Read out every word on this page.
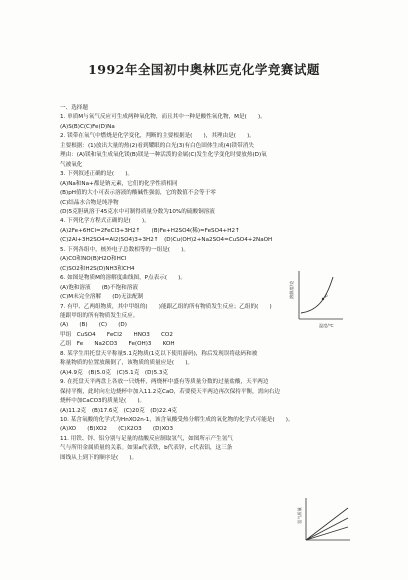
1992年全国初中奥林匹克化学竞赛试题
一、选择题
1. 单质M与氧气反应可生成两种氧化物，而且其中一种是酸性氧化物，M是(　　)。
(A)S(B)C(C)Fe(D)Na
2. 镁带在氧气中燃烧是化学变化，判断的主要根据是(　　)，其理由是(　　)。
主要根据：(1)放出大量的热(2)看到耀眼的白光(3)有白色固体生成(4)镁带消失
理由：(A)镁和氧生成氧化镁(B)镁是一种活泼的金属(C)发生化学变化时要放热(D)氧
气被氧化
3. 下列叙述正确的是(　　)。
(A)Na和Na+都是钠元素，它们的化学性质相同
(B)pH值的大小可表示溶液的酸碱性强弱，它的数值不会等于零
(C)结晶水合物是纯净物
(D)5克胆矾溶于45克水中可制得质量分数为10%的硫酸铜溶液
4. 下列化学方程式正确的是(　　)。
(A)2Fe+6HCl=2FeCl3+3H2↑　　(B)Fe+H2SO4(稀)=FeSO4+H2↑
(C)2Al+3H2SO4=Al2(SO4)3+3H2↑　(D)Cu(OH)2+Na2SO4=CuSO4+2NaOH
5. 下列各组中，核外电子总数相等的一组是(　　)。
(A)CO和NO(B)H2O和HCl
(C)SO2和H2S(D)NH3和CH4
6. 如图是物质M的溶解度曲线图，P点表示(　　)。
(A)饱和溶液　　(B)不饱和溶液
(C)M未完全溶解　　(D)无法配制
7. 有甲、乙两组物质，其中甲组的(　　)能跟乙组的所有物质发生反应；乙组的(　　)
能跟甲组的所有物质发生反应。
(A)　　(B)　　(C)　　(D)
甲组　CuSO4　　FeCl2　　HNO3　　CO2
乙组　Fe　　Na2CO3　　Fe(OH)3　　KOH
8. 某学生用托盘天平称量5.1克物质(1克以下使用游码)，称后发现误将砝码和被
称量物质的位置放颠倒了，该物质的质量应是(　　)。
(A)4.9克　(B)5.0克　(C)5.1克　(D)5.3克
9. 在托盘天平两盘上各放一只烧杯，两烧杯中盛有等质量分数的过量盐酸，天平两边
保持平衡，此时向左边烧杯中加入11.2克CaO，若要使天平两边再次保持平衡，需向右边
烧杯中加CaCO3的质量是(　　)。
(A)11.2克　(B)17.6克　(C)20克　(D)22.4克
10. 某含氧酸的化学式为HnXO2n-1，该含氧酸受热分解生成的氧化物的化学式可能是(　　)。
(A)XO　　(B)XO2　　(C)X2O3　　(D)XO3
11. 用铁、锌、铝分别与足量的盐酸反应制取氢气，如图所示产生氢气
气与所用金属质量的关系。如果a代表铁，b代表锌，c代表铝，这三条
图线从上到下的顺序是(　　)。
P
溶解度/克
温度/℃
氢气质量
